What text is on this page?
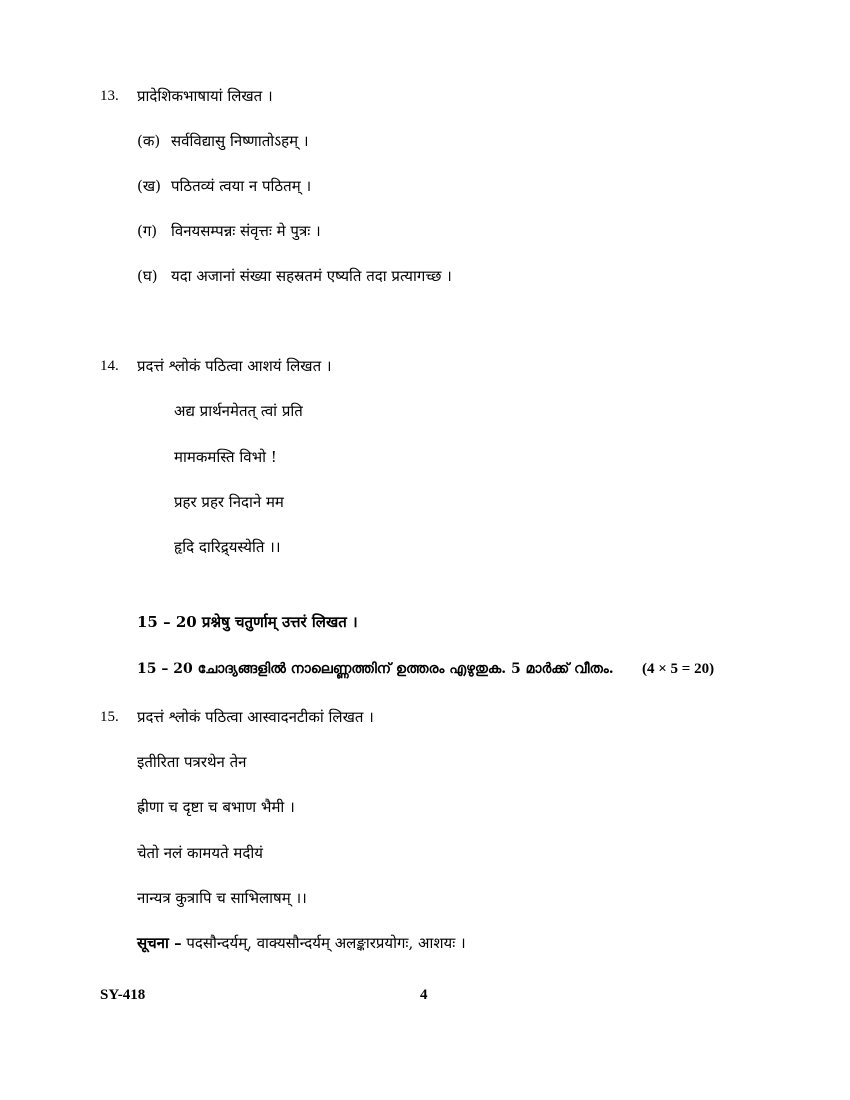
13. प्रादेशिकभाषायां लिखत ।
(क) सर्वविद्यासु निष्णातोऽहम् ।
(ख) पठितव्यं त्वया न पठितम् ।
(ग) विनयसम्पन्नः संवृत्तः मे पुत्रः ।
(घ) यदा अजानां संख्या सहस्रतमं एष्यति तदा प्रत्यागच्छ ।
14. प्रदत्तं श्लोकं पठित्वा आशयं लिखत ।
अद्य प्रार्थनमेतत् त्वां प्रति
मामकमस्ति विभो !
प्रहर प्रहर निदाने मम
हृदि दारिद्र्यस्येति ।।
15 – 20 प्रश्नेषु चतुर्णाम् उत्तरं लिखत ।
15 – 20 ചോദ്യങ്ങളിൽ നാലെണ്ണത്തിന് ഉത്തരം എഴുതുക. 5 മാർക്ക് വീതം. (4 × 5 = 20)
15. प्रदत्तं श्लोकं पठित्वा आस्वादनटीकां लिखत ।
इतीरिता पत्ररथेन तेन
ह्रीणा च दृष्टा च बभाण भैमी ।
चेतो नलं कामयते मदीयं
नान्यत्र कुत्रापि च साभिलाषम् ।।
सूचना – पदसौन्दर्यम्, वाक्यसौन्दर्यम् अलङ्कारप्रयोगः, आशयः ।
SY-418	4
